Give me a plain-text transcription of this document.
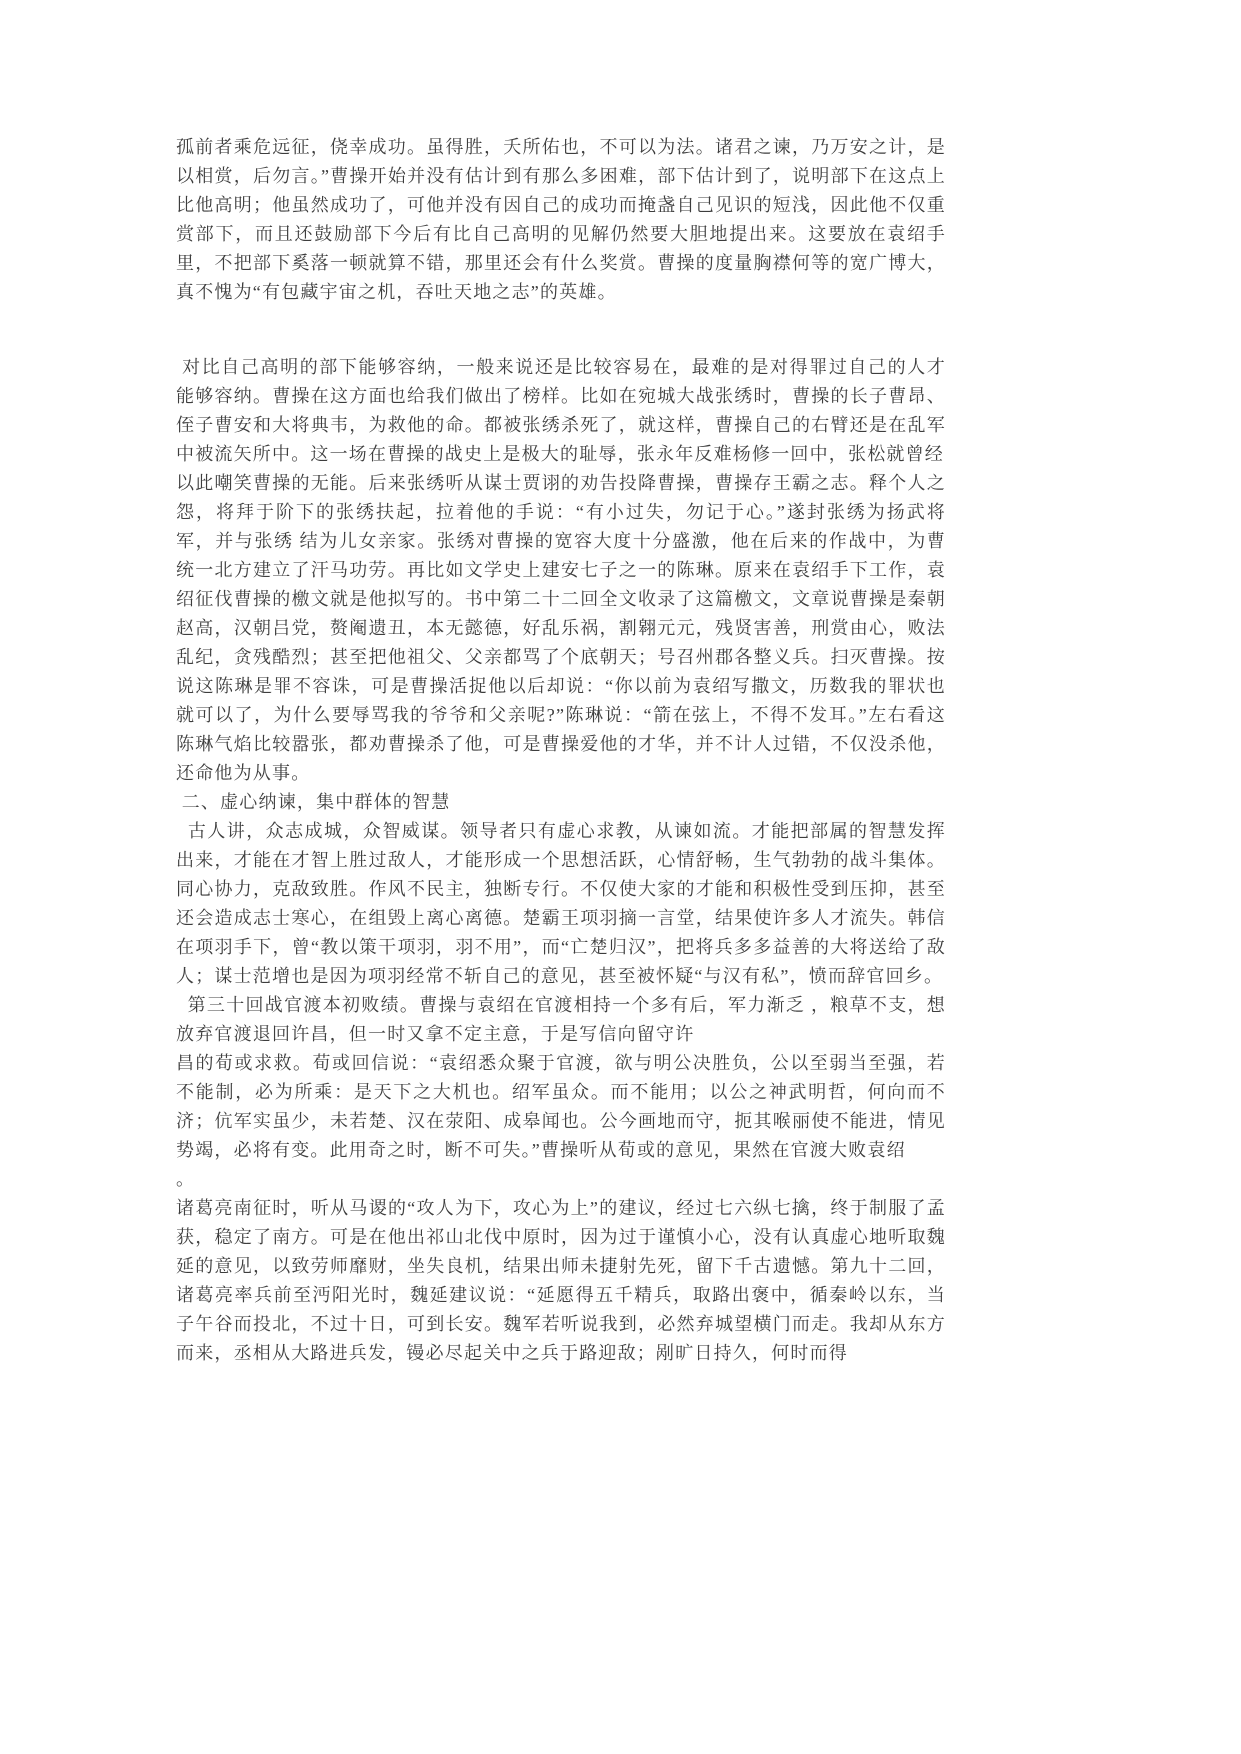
孤前者乘危远征，侥幸成功。虽得胜，夭所佑也，不可以为法。诸君之谏，乃万安之计，是以相赏，后勿言。”曹操开始并没有估计到有那么多困难，部下估计到了，说明部下在这点上比他高明；他虽然成功了，可他并没有因自己的成功而掩盏自己见识的短浅，因此他不仅重赏部下，而且还鼓励部下今后有比自己高明的见解仍然要大胆地提出来。这要放在袁绍手里，不把部下奚落一顿就算不错，那里还会有什么奖赏。曹操的度量胸襟何等的宽广博大，真不愧为“有包藏宇宙之机，吞吐天地之志”的英雄。

对比自己高明的部下能够容纳，一般来说还是比较容易在，最难的是对得罪过自己的人才能够容纳。曹操在这方面也给我们做出了榜样。比如在宛城大战张绣时，曹操的长子曹昂、侄子曹安和大将典韦，为救他的命。都被张绣杀死了，就这样，曹操自己的右臂还是在乱军中被流矢所中。这一场在曹操的战史上是极大的耻辱，张永年反难杨修一回中，张松就曾经

以此嘲笑曹操的无能。后来张绣听从谋士贾诩的劝告投降曹操，曹操存王霸之志。释个人之怨，将拜于阶下的张绣扶起，拉着他的手说：“有小过失，勿记于心。”遂封张绣为扬武将军，并与张绣 结为儿女亲家。张绣对曹操的宽容大度十分盛激，他在后来的作战中，为曹统一北方建立了汗马功劳。再比如文学史上建安七子之一的陈琳。原来在袁绍手下工作，袁绍征伐曹操的檄文就是他拟写的。书中第二十二回全文收录了这篇檄文，文章说曹操是秦朝赵高，汉朝吕党，赘阉遗丑，本无懿德，好乱乐祸，割翱元元，残贤害善，刑赏由心，败法乱纪，贪残酷烈；甚至把他祖父、父亲都骂了个底朝天；号召州郡各整义兵。扫灭曹操。按说这陈琳是罪不容诛，可是曹操活捉他以后却说：“你以前为袁绍写撒文，历数我的罪状也就可以了，为什么要辱骂我的爷爷和父亲呢?”陈琳说：“箭在弦上，不得不发耳。”左右看这陈琳气焰比较嚣张，都劝曹操杀了他，可是曹操爱他的才华，并不计人过错，不仅没杀他，还命他为从事。

二、虚心纳谏，集中群体的智慧

古人讲，众志成城，众智威谋。领导者只有虚心求教，从谏如流。才能把部属的智慧发挥出来，才能在才智上胜过敌人，才能形成一个思想活跃，心情舒畅，生气勃勃的战斗集体。同心协力，克敌致胜。作风不民主，独断专行。不仅使大家的才能和积极性受到压抑，甚至还会造成志士寒心，在组毁上离心离德。楚霸王项羽摘一言堂，结果使许多人才流失。韩信在项羽手下，曾“教以策干项羽，羽不用”，而“亡楚归汉”，把将兵多多益善的大将送给了敌人；谋士范增也是因为项羽经常不斩自己的意见，甚至被怀疑“与汉有私”，愤而辞官回乡。

第三十回战官渡本初败绩。曹操与袁绍在官渡相持一个多有后，军力渐乏 ，粮草不支，想放弃官渡退回许昌，但一时又拿不定主意，于是写信向留守许

昌的荀或求救。荀或回信说：“袁绍悉众聚于官渡，欲与明公决胜负，公以至弱当至强，若不能制，必为所乘：是天下之大机也。绍军虽众。而不能用；以公之神武明哲，何向而不济；伉军实虽少，未若楚、汉在荥阳、成皋闻也。公今画地而守，扼其喉丽使不能进，情见势竭，必将有变。此用奇之时，断不可失。”曹操听从荀或的意见，果然在官渡大败袁绍

。

诸葛亮南征时，听从马谡的“攻人为下，攻心为上”的建议，经过七六纵七擒，终于制服了孟获，稳定了南方。可是在他出祁山北伐中原时，因为过于谨慎小心，没有认真虚心地听取魏延的意见，以致劳师靡财，坐失良机，结果出师未捷射先死，留下千古遗憾。第九十二回，诸葛亮率兵前至沔阳光时，魏延建议说：“延愿得五千精兵，取路出褒中，循秦岭以东，当子午谷而投北，不过十日，可到长安。魏军若听说我到，必然弃城望横门而走。我却从东方而来，丞相从大路进兵发，镘必尽起关中之兵于路迎敌；剐旷日持久，何时而得
